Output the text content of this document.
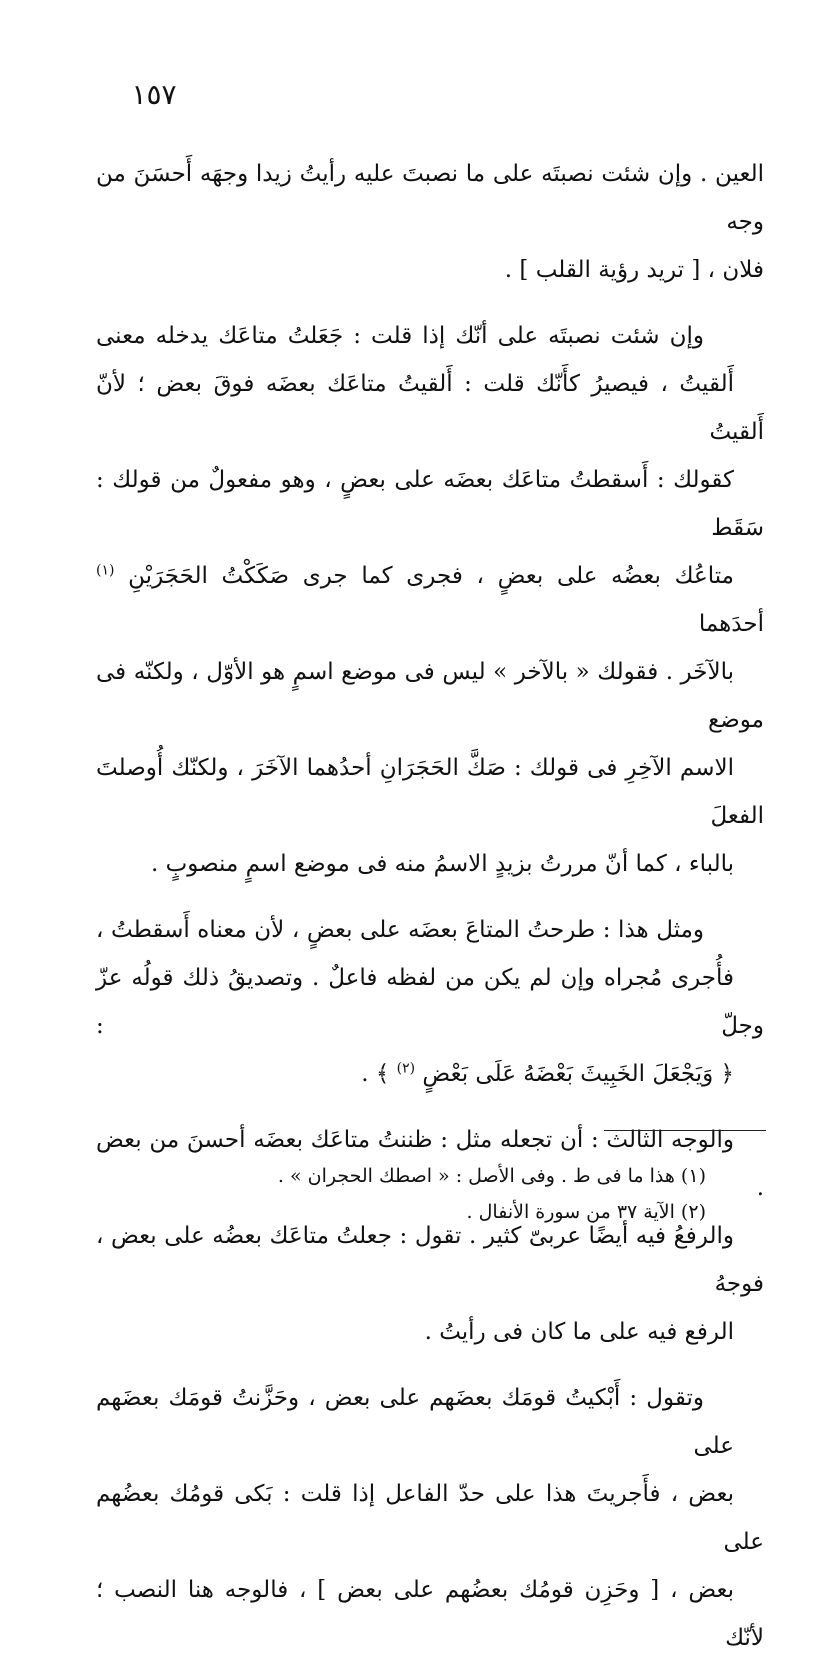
١٥٧

العين . وإن شئت نصبتَه على ما نصبتَ عليه رأيتُ زيدا وجهَه أَحسَنَ من وجه
فلان ، [ تريد رؤية القلب ] .

وإن شئت نصبتَه على أنّك إذا قلت : جَعَلتُ متاعَك يدخله معنى
أَلقيتُ ، فيصيرُ كأَنّك قلت : أَلقيتُ متاعَك بعضَه فوقَ بعض ؛ لأنّ أَلقيتُ
كقولك : أَسقطتُ متاعَك بعضَه على بعضٍ ، وهو مفعولٌ من قولك : سَقَط
متاعُك بعضُه على بعضٍ ، فجرى كما جرى صَكَكْتُ الحَجَرَيْنِ $^{(١)}$ أحدَهما
بالآخَر . فقولك « بالآخر » ليس فى موضع اسمٍ هو الأوّل ، ولكنّه فى موضع
الاسم الآخِرِ فى قولك : صَكَّ الحَجَرَانِ أحدُهما الآخَرَ ، ولكنّك أُوصلتَ الفعلَ
بالباء ، كما أنّ مررتُ بزيدٍ الاسمُ منه فى موضع اسمٍ منصوبٍ .

ومثل هذا : طرحتُ المتاعَ بعضَه على بعضٍ ، لأن معناه أَسقطتُ ،
فأُجرى مُجراه وإن لم يكن من لفظه فاعلٌ . وتصديقُ ذلك قولُه عزّ وجلّ :
﴿ وَيَجْعَلَ الخَبِيثَ بَعْضَهُ عَلَى بَعْضٍ $^{(٢)}$ ﴾ .

والوجه الثالث : أن تجعله مثل : ظننتُ متاعَك بعضَه أحسنَ من بعض .
والرفعُ فيه أيضًا عربىّ كثير . تقول : جعلتُ متاعَك بعضُه على بعض ، فوجهُ
الرفع فيه على ما كان فى رأيتُ .

وتقول : أَبْكيتُ قومَك بعضَهم على بعض ، وحَزَّنتُ قومَك بعضَهم على
بعض ، فأَجريتَ هذا على حدّ الفاعل إذا قلت : بَكى قومُك بعضُهم على
بعض ، [ وحَزِن قومُك بعضُهم على بعض ] ، فالوجه هنا النصب ؛ لأنّك

(١) هذا ما فى ط . وفى الأصل : « اصطك الحجران » .
(٢) الآية ٣٧ من سورة الأنفال .
